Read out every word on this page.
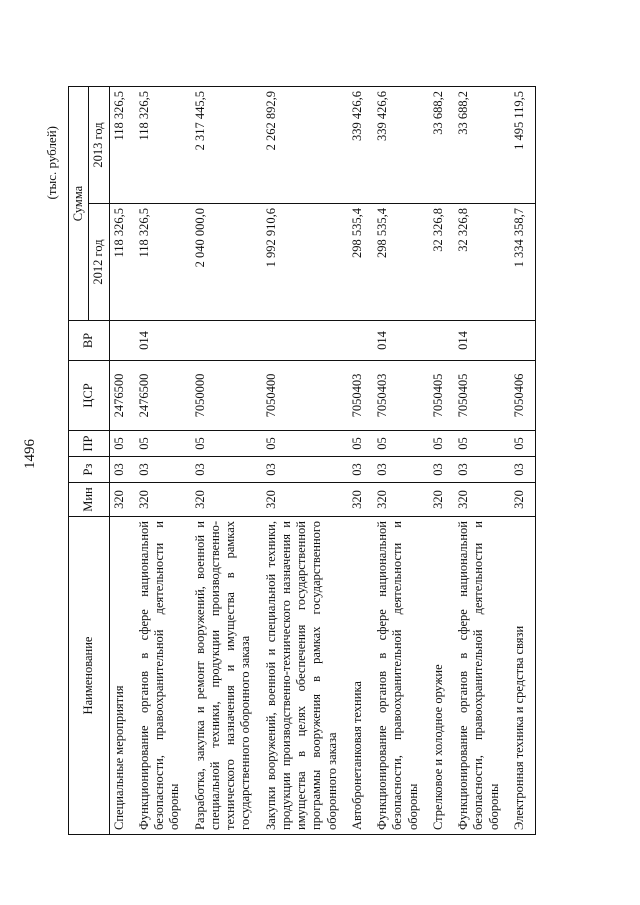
1496
(тыс. рублей)
Наименование	Мин	Рз	ПР	ЦСР	ВР	Сумма	
						2012 год	2013 год
Специальные мероприятия	320	03	05	2476500		118 326,5	118 326,5
Функционирование органов в сфере национальной безопасности, правоохранительной деятельности и обороны	320	03	05	2476500	014	118 326,5	118 326,5
Разработка, закупка и ремонт вооружений, военной и специальной техники, продукции производственно-технического назначения и имущества в рамках государственного оборонного заказа	320	03	05	7050000		2 040 000,0	2 317 445,5
Закупки вооружений, военной и специальной техники, продукции производственно-технического назначения и имущества в целях обеспечения государственной программы вооружения в рамках государственного оборонного заказа	320	03	05	7050400		1 992 910,6	2 262 892,9
Автобронетанковая техника	320	03	05	7050403		298 535,4	339 426,6
Функционирование органов в сфере национальной безопасности, правоохранительной деятельности и обороны	320	03	05	7050403	014	298 535,4	339 426,6
Стрелковое и холодное оружие	320	03	05	7050405		32 326,8	33 688,2
Функционирование органов в сфере национальной безопасности, правоохранительной деятельности и обороны	320	03	05	7050405	014	32 326,8	33 688,2
Электронная техника и средства связи	320	03	05	7050406		1 334 358,7	1 495 119,5
